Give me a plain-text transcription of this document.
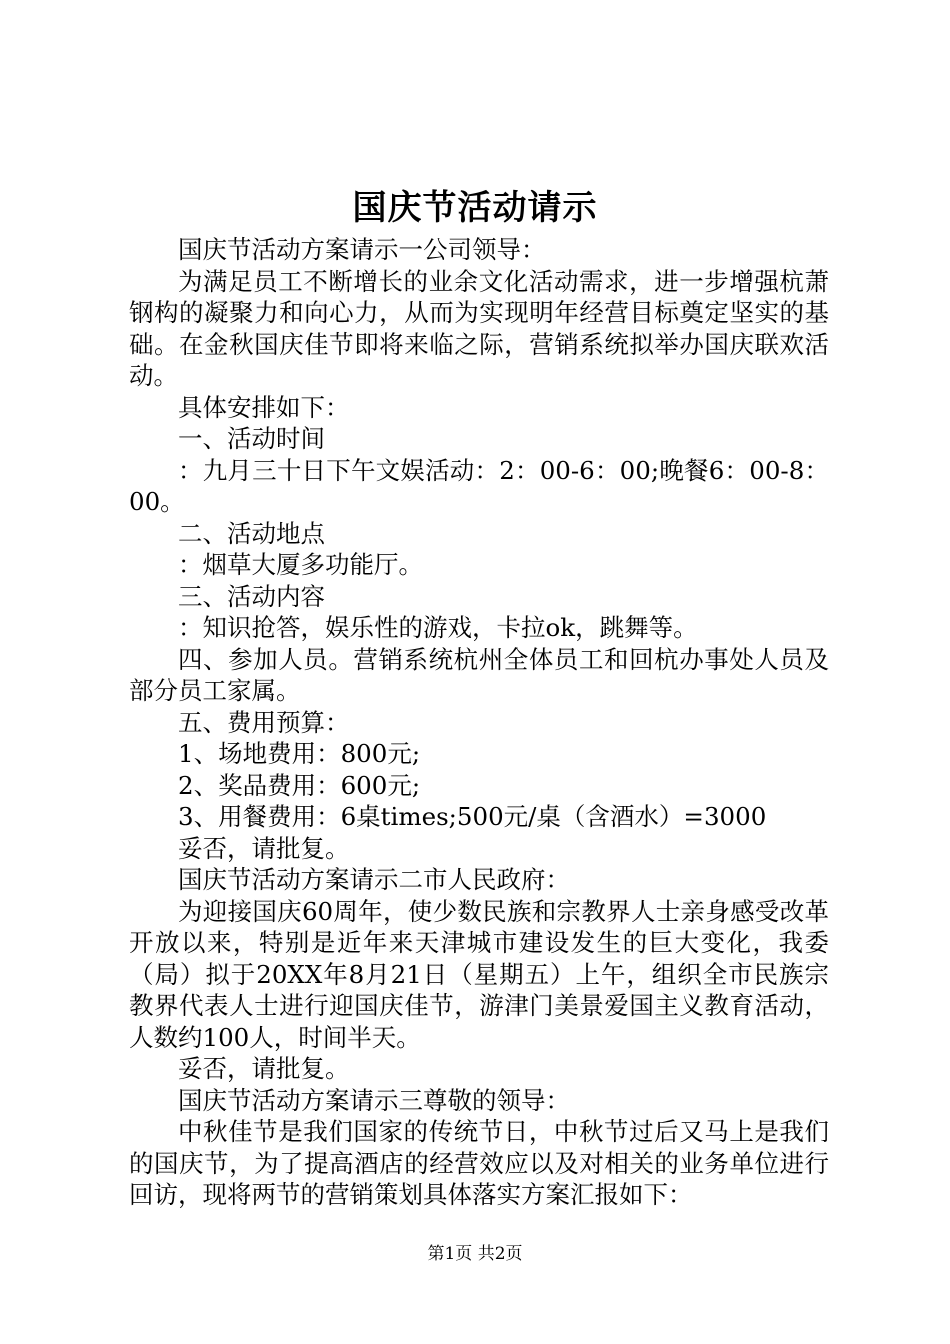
国庆节活动请示

国庆节活动方案请示一公司领导：

为满足员工不断增长的业余文化活动需求，进一步增强杭萧钢构的凝聚力和向心力，从而为实现明年经营目标奠定坚实的基础。在金秋国庆佳节即将来临之际，营销系统拟举办国庆联欢活动。

具体安排如下：

一、活动时间

：九月三十日下午文娱活动：2：00-6：00;晚餐6：00-8：00。

二、活动地点

：烟草大厦多功能厅。

三、活动内容

：知识抢答，娱乐性的游戏，卡拉ok，跳舞等。

四、参加人员。营销系统杭州全体员工和回杭办事处人员及部分员工家属。

五、费用预算：

1、场地费用：800元;

2、奖品费用：600元;

3、用餐费用：6桌times;500元/桌（含酒水）=3000

妥否，请批复。

国庆节活动方案请示二市人民政府：

为迎接国庆60周年，使少数民族和宗教界人士亲身感受改革开放以来，特别是近年来天津城市建设发生的巨大变化，我委（局）拟于20XX年8月21日（星期五）上午，组织全市民族宗教界代表人士进行迎国庆佳节，游津门美景爱国主义教育活动，人数约100人，时间半天。

妥否，请批复。

国庆节活动方案请示三尊敬的领导：

中秋佳节是我们国家的传统节日，中秋节过后又马上是我们的国庆节，为了提高酒店的经营效应以及对相关的业务单位进行回访，现将两节的营销策划具体落实方案汇报如下：

第1页 共2页
